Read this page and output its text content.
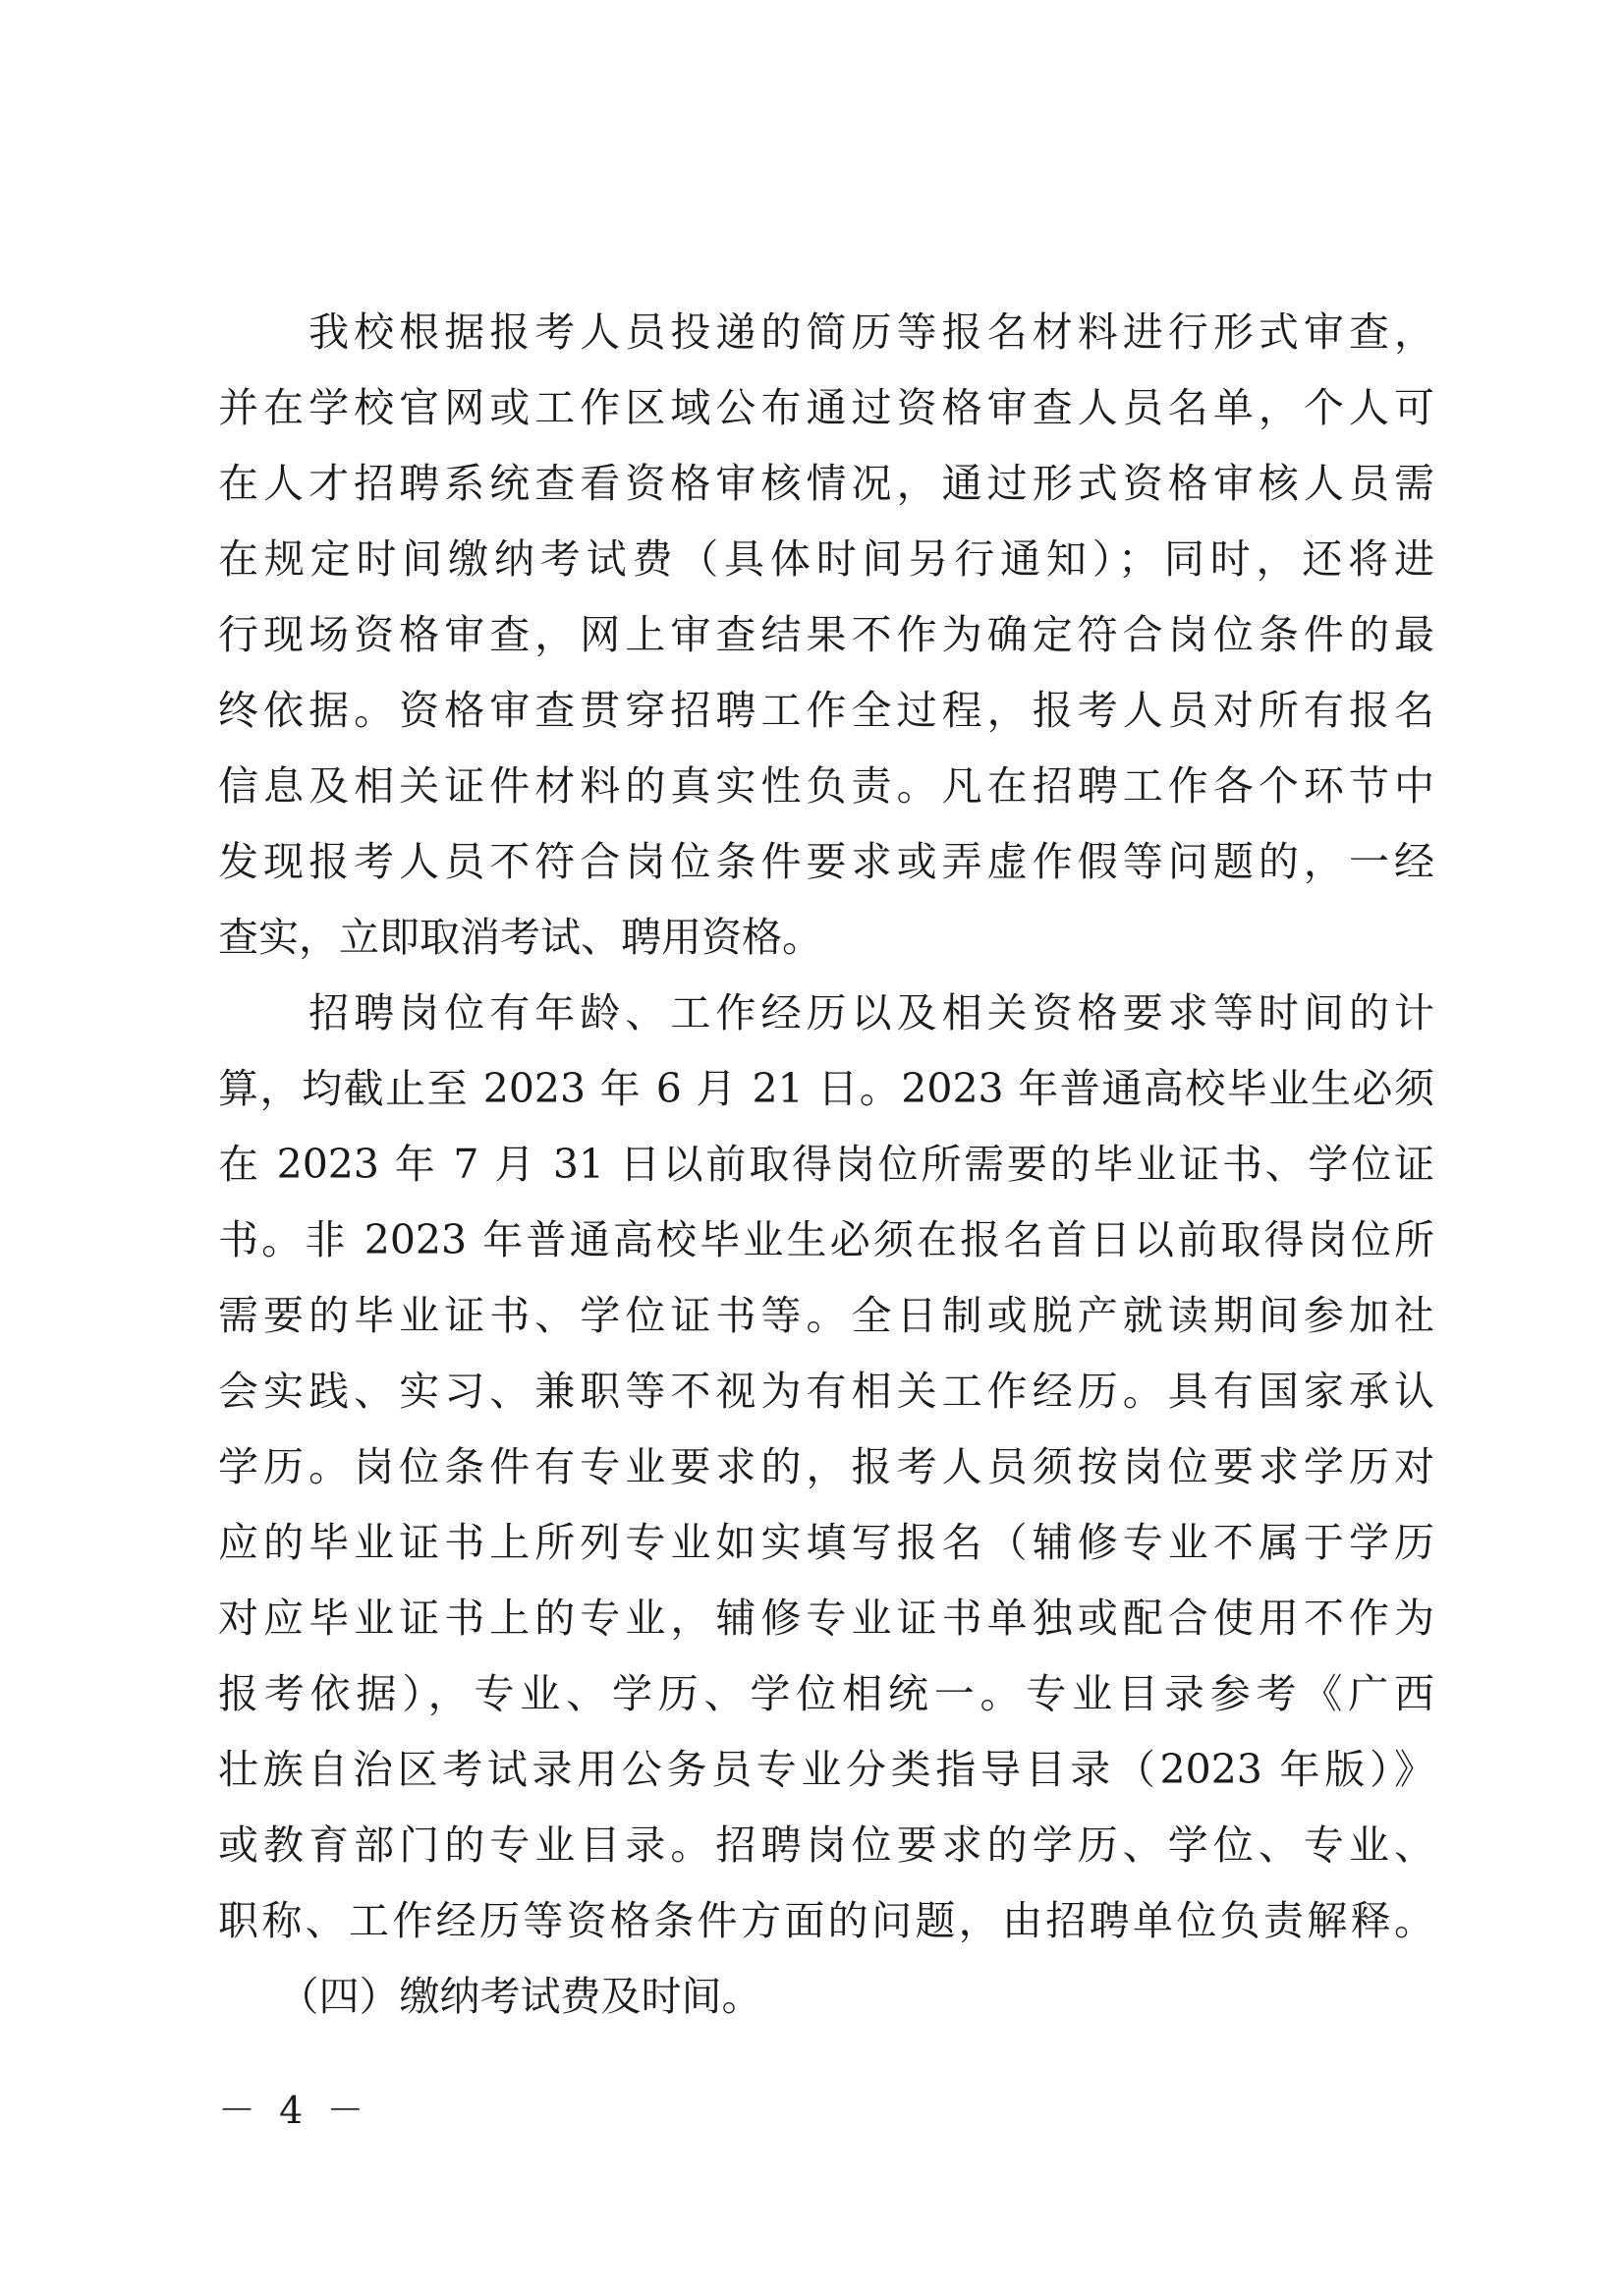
　　我校根据报考人员投递的简历等报名材料进行形式审查，
并在学校官网或工作区域公布通过资格审查人员名单，个人可
在人才招聘系统查看资格审核情况，通过形式资格审核人员需
在规定时间缴纳考试费（具体时间另行通知）；同时，还将进
行现场资格审查，网上审查结果不作为确定符合岗位条件的最
终依据。资格审查贯穿招聘工作全过程，报考人员对所有报名
信息及相关证件材料的真实性负责。凡在招聘工作各个环节中
发现报考人员不符合岗位条件要求或弄虚作假等问题的，一经
查实，立即取消考试、聘用资格。
　　招聘岗位有年龄、工作经历以及相关资格要求等时间的计
算，均截止至 2023 年 6 月 21 日。2023 年普通高校毕业生必须
在 2023 年 7 月 31 日以前取得岗位所需要的毕业证书、学位证
书。非 2023 年普通高校毕业生必须在报名首日以前取得岗位所
需要的毕业证书、学位证书等。全日制或脱产就读期间参加社
会实践、实习、兼职等不视为有相关工作经历。具有国家承认
学历。岗位条件有专业要求的，报考人员须按岗位要求学历对
应的毕业证书上所列专业如实填写报名（辅修专业不属于学历
对应毕业证书上的专业，辅修专业证书单独或配合使用不作为
报考依据），专业、学历、学位相统一。专业目录参考《广西
壮族自治区考试录用公务员专业分类指导目录（2023 年版）》
或教育部门的专业目录。招聘岗位要求的学历、学位、专业、
职称、工作经历等资格条件方面的问题，由招聘单位负责解释。
　　（四）缴纳考试费及时间。
－ 4 －
